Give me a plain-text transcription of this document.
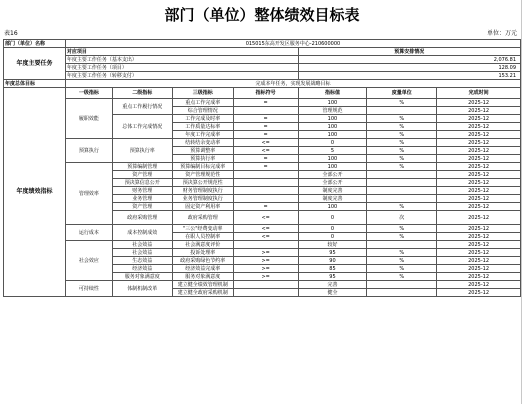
部门（单位）整体绩效目标表
表16	单位：万元
部门（单位）名称	015015东高开发区服务中心-210600000						
年度主要任务	对应项目				预算安排情况		
	年度主要工作任务（基本支出）				2,076.81		
	年度主要工作任务（项目）				128.09		
	年度主要工作任务（转移支付）				153.21		
年度总体目标	完成本年任务，实现发展战略目标						
年度绩效指标	一级指标	二级指标	三级指标	指标符号	指标值	度量单位	完成时间
	履职效能	重点工作履行情况	重点工作完成率	=	100	%	2025-12
			综合管理情况		管理规范		2025-12
		总体工作完成情况	工作完成及时率	=	100	%	2025-12
			工作质量达标率	=	100	%	2025-12
			年度工作完成率	=	100	%	2025-12
	预算执行	预算执行率	结转结余变动率	<=	0	%	2025-12
			预算调整率	<=	5	%	2025-12
			预算执行率	=	100	%	2025-12
	管理效率	预算编制管理	预算编制目标完成率	=	100	%	2025-12
		资产管理	资产管理规范性		全部公开		2025-12
		预决算信息公开	预决算公开规范性		全部公开		2025-12
		财务管理	财务管理制度执行		制度完善		2025-12
		业务管理	业务管理制度执行		制度完善		2025-12
		资产管理	固定资产利用率	=	100	%	2025-12
		政府采购管理	政府采购管理	<=	0	次	2025-12
	运行成本	成本控制成效	"三公"经费变动率	<=	0	%	2025-12
			在职人员控制率	<=	0	%	2025-12
	社会效应	社会效益	社会满意度评价		较好		2025-12
		社会效益	投诉处理率	>=	95	%	2025-12
		生态效益	政府采购绿色节约率	>=	90	%	2025-12
		经济效益	经济效益完成率	>=	85	%	2025-12
		服务对象满意度	服务对象满意度	>=	95	%	2025-12
	可持续性	体制机制改革	建立健全绩效管理机制		完善		2025-12
			建立健全政府采购机制		健全		2025-12
